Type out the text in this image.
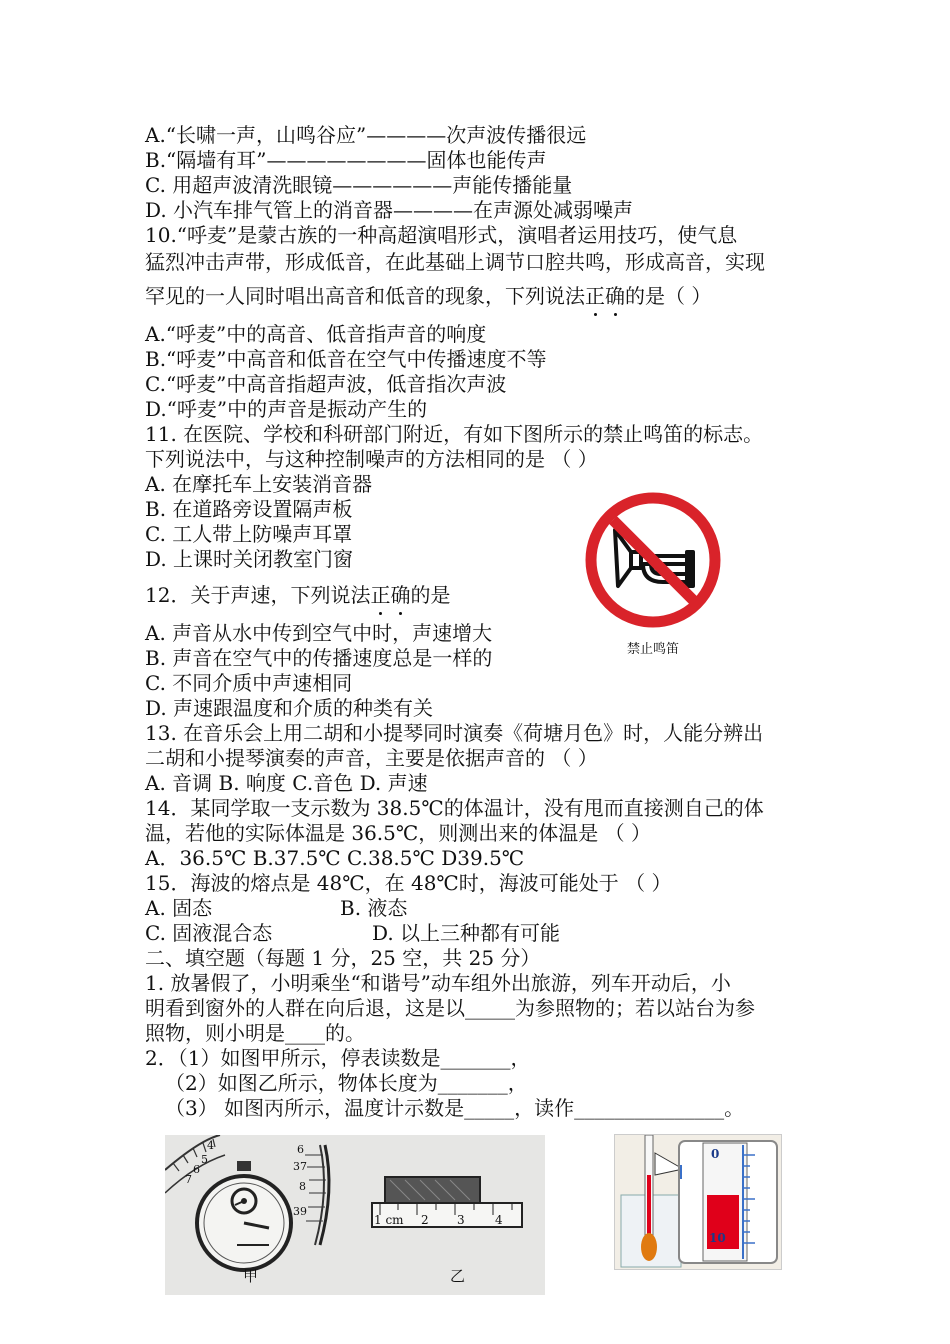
A.“长啸一声，山鸣谷应”————次声波传播很远
B.“隔墙有耳”————————固体也能传声
C. 用超声波清洗眼镜——————声能传播能量
D. 小汽车排气管上的消音器————在声源处减弱噪声
10.“呼麦”是蒙古族的一种高超演唱形式，演唱者运用技巧，使气息
猛烈冲击声带，形成低音，在此基础上调节口腔共鸣，形成高音，实现
罕见的一人同时唱出高音和低音的现象，下列说法正确的是（ ）
A.“呼麦”中的高音、低音指声音的响度
B.“呼麦”中高音和低音在空气中传播速度不等
C.“呼麦”中高音指超声波，低音指次声波
D.“呼麦”中的声音是振动产生的
11. 在医院、学校和科研部门附近，有如下图所示的禁止鸣笛的标志。
下列说法中，与这种控制噪声的方法相同的是 （ ）
A. 在摩托车上安装消音器
B. 在道路旁设置隔声板
C. 工人带上防噪声耳罩
D. 上课时关闭教室门窗
禁止鸣笛
12．关于声速，下列说法正确的是
A. 声音从水中传到空气中时，声速增大
B. 声音在空气中的传播速度总是一样的
C. 不同介质中声速相同
D. 声速跟温度和介质的种类有关
13. 在音乐会上用二胡和小提琴同时演奏《荷塘月色》时，人能分辨出
二胡和小提琴演奏的声音，主要是依据声音的 （ ）
A. 音调 B. 响度 C.音色 D. 声速
14．某同学取一支示数为 38.5℃的体温计，没有甩而直接测自己的体
温，若他的实际体温是 36.5℃，则测出来的体温是 （ ）
A．36.5℃ B.37.5℃ C.38.5℃ D39.5℃
15．海波的熔点是 48℃，在 48℃时，海波可能处于 （ ）
A. 固态	B. 液态
C. 固液混合态	D. 以上三种都有可能
二、填空题（每题 1 分，25 空，共 25 分）
1. 放暑假了，小明乘坐“和谐号”动车组外出旅游，列车开动后，小
明看到窗外的人群在向后退，这是以_____为参照物的；若以站台为参
照物，则小明是____的。
2．（1）如图甲所示，停表读数是_______，
（2）如图乙所示，物体长度为_______，
（3） 如图丙所示，温度计示数是_____，读作_______________。
4
5
6
7
6
37
8
39
1 cm 2 3	4
甲	乙
0
10
